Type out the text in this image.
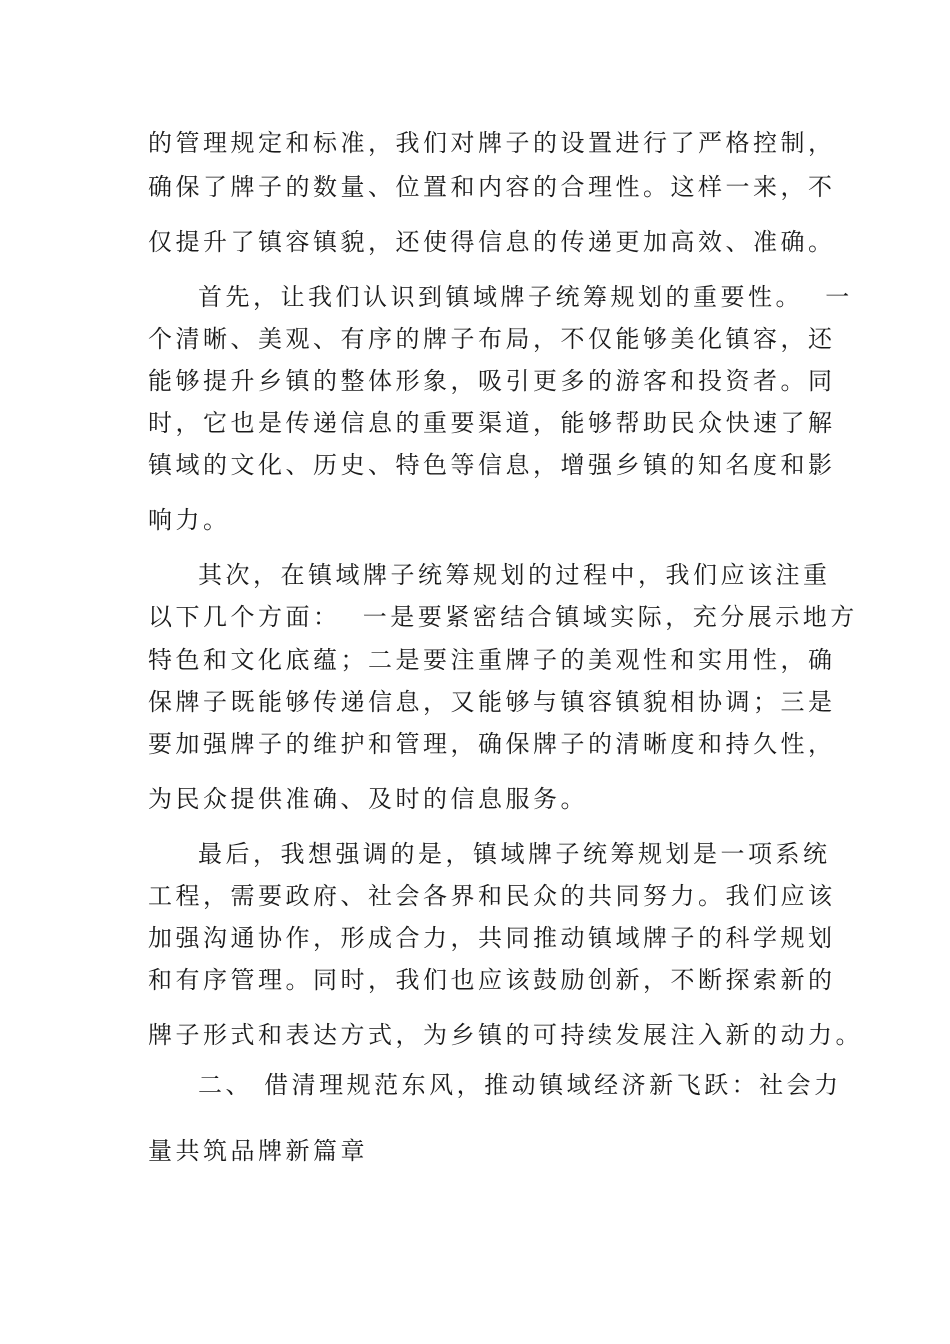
的管理规定和标准，我们对牌子的设置进行了严格控制，
确保了牌子的数量、位置和内容的合理性。这样一来，不
仅提升了镇容镇貌，还使得信息的传递更加高效、准确。
首先，让我们认识到镇域牌子统筹规划的重要性。  一
个清晰、美观、有序的牌子布局，不仅能够美化镇容，还
能够提升乡镇的整体形象，吸引更多的游客和投资者。同
时，它也是传递信息的重要渠道，能够帮助民众快速了解
镇域的文化、历史、特色等信息，增强乡镇的知名度和影
响力。
其次，在镇域牌子统筹规划的过程中，我们应该注重
以下几个方面：  一是要紧密结合镇域实际，充分展示地方
特色和文化底蕴；二是要注重牌子的美观性和实用性，确
保牌子既能够传递信息，又能够与镇容镇貌相协调；三是
要加强牌子的维护和管理，确保牌子的清晰度和持久性，
为民众提供准确、及时的信息服务。
最后，我想强调的是，镇域牌子统筹规划是一项系统
工程，需要政府、社会各界和民众的共同努力。我们应该
加强沟通协作，形成合力，共同推动镇域牌子的科学规划
和有序管理。同时，我们也应该鼓励创新，不断探索新的
牌子形式和表达方式，为乡镇的可持续发展注入新的动力。
二、 借清理规范东风，推动镇域经济新飞跃：社会力
量共筑品牌新篇章
